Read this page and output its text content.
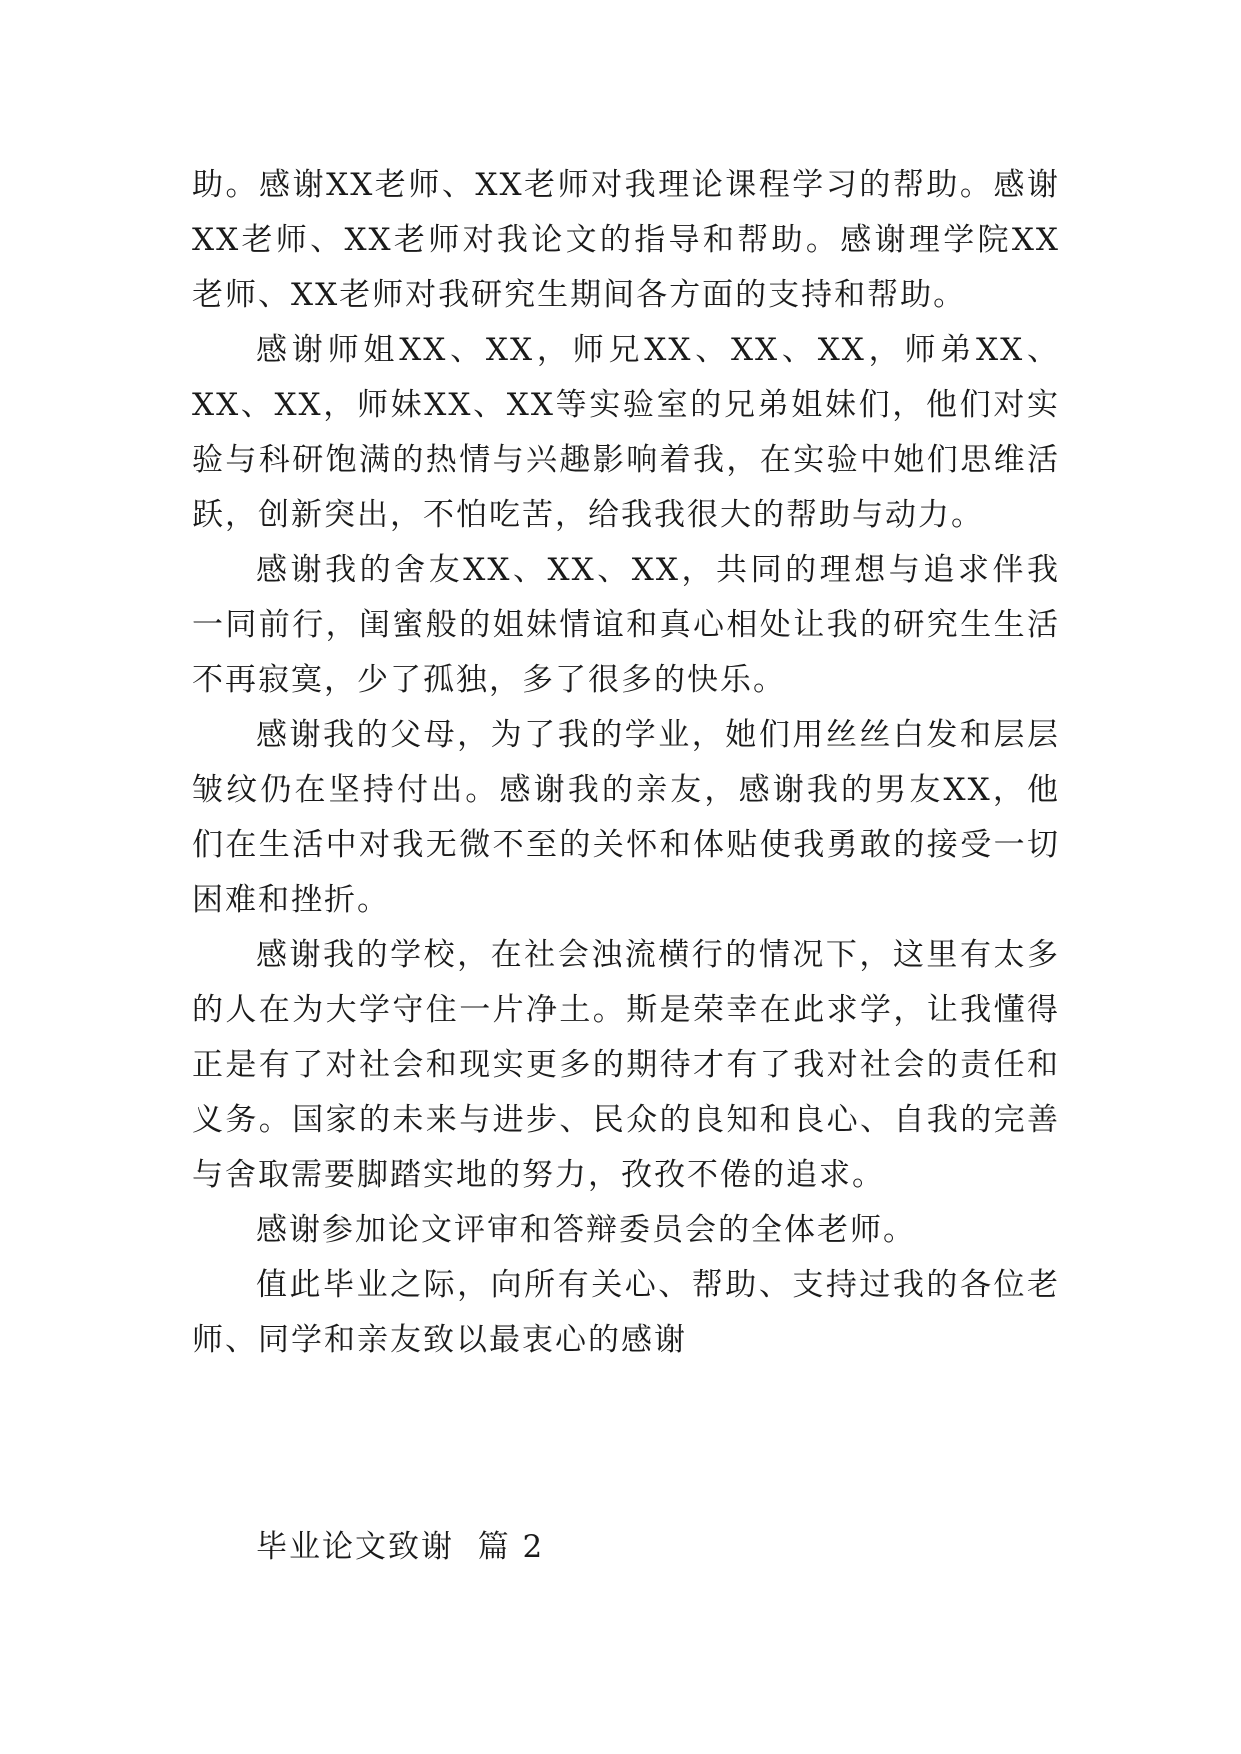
助。感谢XX老师、XX老师对我理论课程学习的帮助。感谢XX老师、XX老师对我论文的指导和帮助。感谢理学院XX老师、XX老师对我研究生期间各方面的支持和帮助。

感谢师姐XX、XX，师兄XX、XX、XX，师弟XX、XX、XX，师妹XX、XX等实验室的兄弟姐妹们，他们对实验与科研饱满的热情与兴趣影响着我，在实验中她们思维活跃，创新突出，不怕吃苦，给我我很大的帮助与动力。

感谢我的舍友XX、XX、XX，共同的理想与追求伴我一同前行，闺蜜般的姐妹情谊和真心相处让我的研究生生活不再寂寞，少了孤独，多了很多的快乐。

感谢我的父母，为了我的学业，她们用丝丝白发和层层皱纹仍在坚持付出。感谢我的亲友，感谢我的男友XX，他们在生活中对我无微不至的关怀和体贴使我勇敢的接受一切困难和挫折。

感谢我的学校，在社会浊流横行的情况下，这里有太多的人在为大学守住一片净土。斯是荣幸在此求学，让我懂得正是有了对社会和现实更多的期待才有了我对社会的责任和义务。国家的未来与进步、民众的良知和良心、自我的完善与舍取需要脚踏实地的努力，孜孜不倦的追求。

感谢参加论文评审和答辩委员会的全体老师。

值此毕业之际，向所有关心、帮助、支持过我的各位老师、同学和亲友致以最衷心的感谢

毕业论文致谢  篇 2
